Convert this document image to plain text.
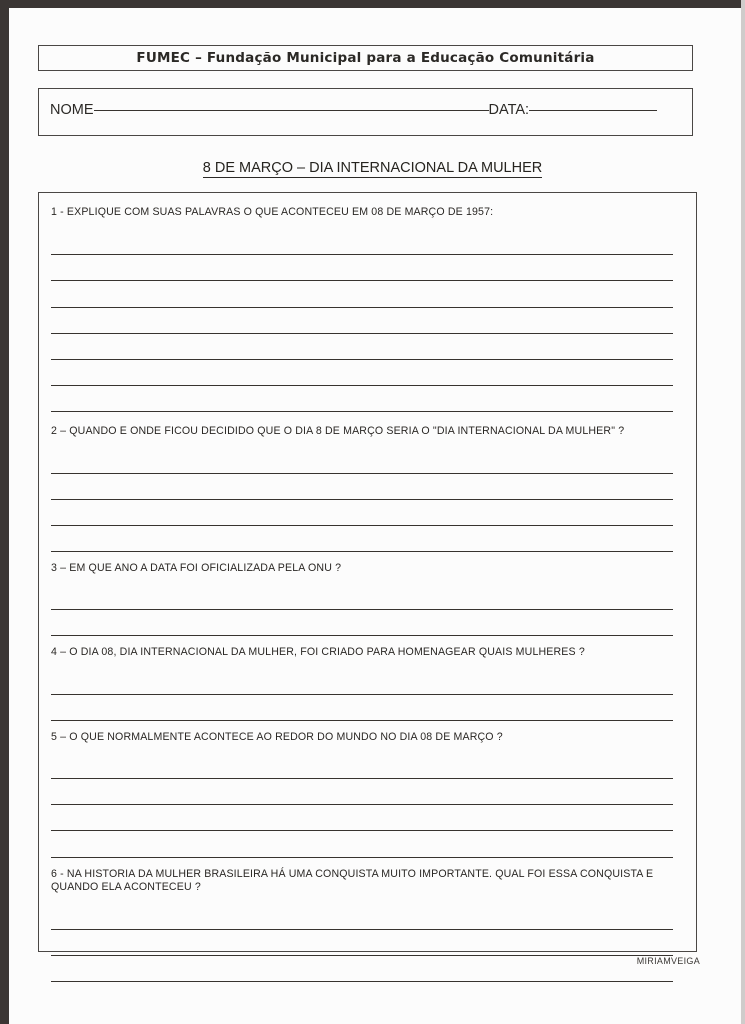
FUMEC – Fundação Municipal para a Educação Comunitária
NOME	DATA:
8 DE MARÇO – DIA INTERNACIONAL DA MULHER

1 - EXPLIQUE COM SUAS PALAVRAS O QUE ACONTECEU EM 08 DE MARÇO DE 1957:

2 – QUANDO E ONDE FICOU DECIDIDO QUE O DIA 8 DE MARÇO SERIA O "DIA INTERNACIONAL DA MULHER" ?

3 – EM QUE ANO A DATA FOI OFICIALIZADA PELA ONU ?

4 – O DIA 08, DIA INTERNACIONAL DA MULHER, FOI CRIADO PARA HOMENAGEAR QUAIS MULHERES ?

5 – O QUE NORMALMENTE ACONTECE AO REDOR DO MUNDO NO DIA 08 DE MARÇO ?

6 - NA HISTORIA DA MULHER BRASILEIRA HÁ UMA CONQUISTA MUITO IMPORTANTE. QUAL FOI ESSA CONQUISTA E QUANDO ELA ACONTECEU ?

MIRIAMVEIGA
